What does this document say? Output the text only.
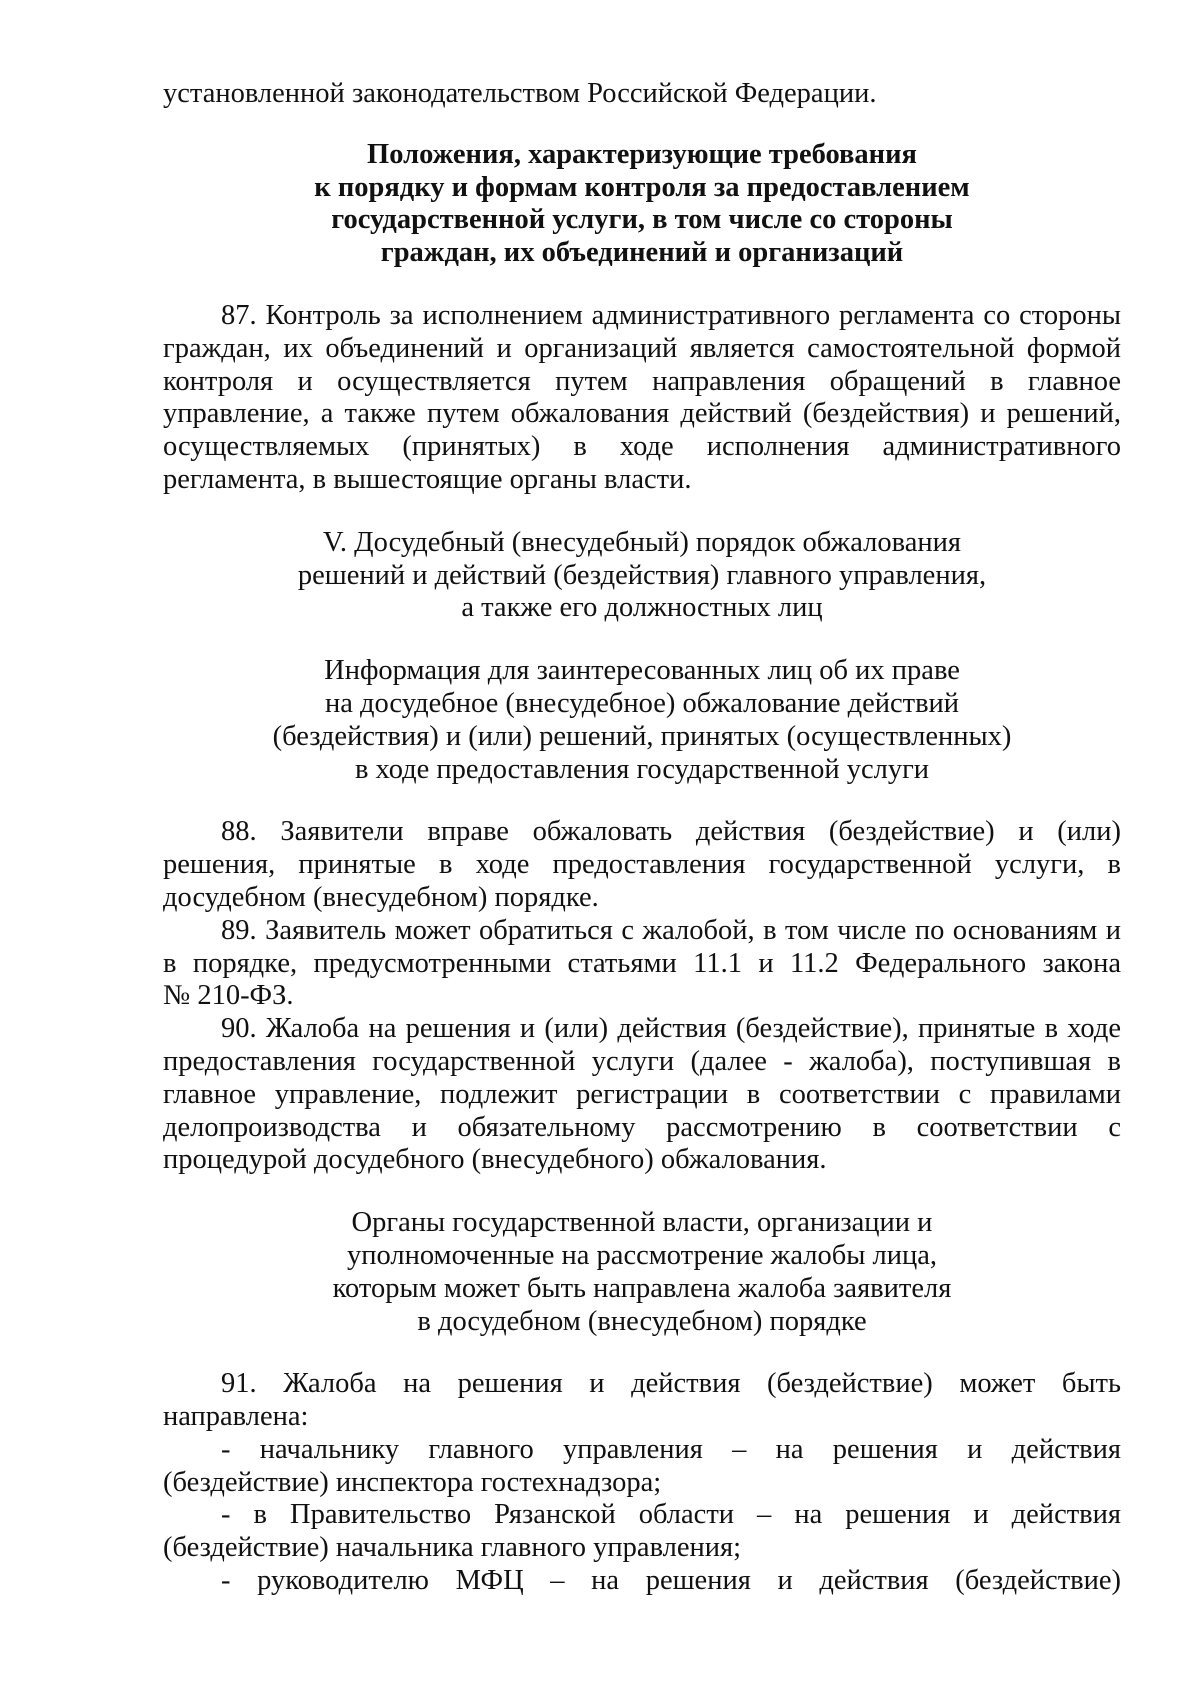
установленной законодательством Российской Федерации.
Положения, характеризующие требования
к порядку и формам контроля за предоставлением
государственной услуги, в том числе со стороны
граждан, их объединений и организаций
87. Контроль за исполнением административного регламента со стороны
граждан, их объединений и организаций является самостоятельной формой
контроля и осуществляется путем направления обращений в главное
управление, а также путем обжалования действий (бездействия) и решений,
осуществляемых (принятых) в ходе исполнения административного
регламента, в вышестоящие органы власти.
V. Досудебный (внесудебный) порядок обжалования
решений и действий (бездействия) главного управления,
а также его должностных лиц
Информация для заинтересованных лиц об их праве
на досудебное (внесудебное) обжалование действий
(бездействия) и (или) решений, принятых (осуществленных)
в ходе предоставления государственной услуги
88. Заявители вправе обжаловать действия (бездействие) и (или)
решения, принятые в ходе предоставления государственной услуги, в
досудебном (внесудебном) порядке.
89. Заявитель может обратиться с жалобой, в том числе по основаниям и
в порядке, предусмотренными статьями 11.1 и 11.2 Федерального закона
№ 210-ФЗ.
90. Жалоба на решения и (или) действия (бездействие), принятые в ходе
предоставления государственной услуги (далее - жалоба), поступившая в
главное управление, подлежит регистрации в соответствии с правилами
делопроизводства и обязательному рассмотрению в соответствии с
процедурой досудебного (внесудебного) обжалования.
Органы государственной власти, организации и
уполномоченные на рассмотрение жалобы лица,
которым может быть направлена жалоба заявителя
в досудебном (внесудебном) порядке
91. Жалоба на решения и действия (бездействие) может быть
направлена:
- начальнику главного управления – на решения и действия
(бездействие) инспектора гостехнадзора;
- в Правительство Рязанской области – на решения и действия
(бездействие) начальника главного управления;
- руководителю МФЦ – на решения и действия (бездействие)
